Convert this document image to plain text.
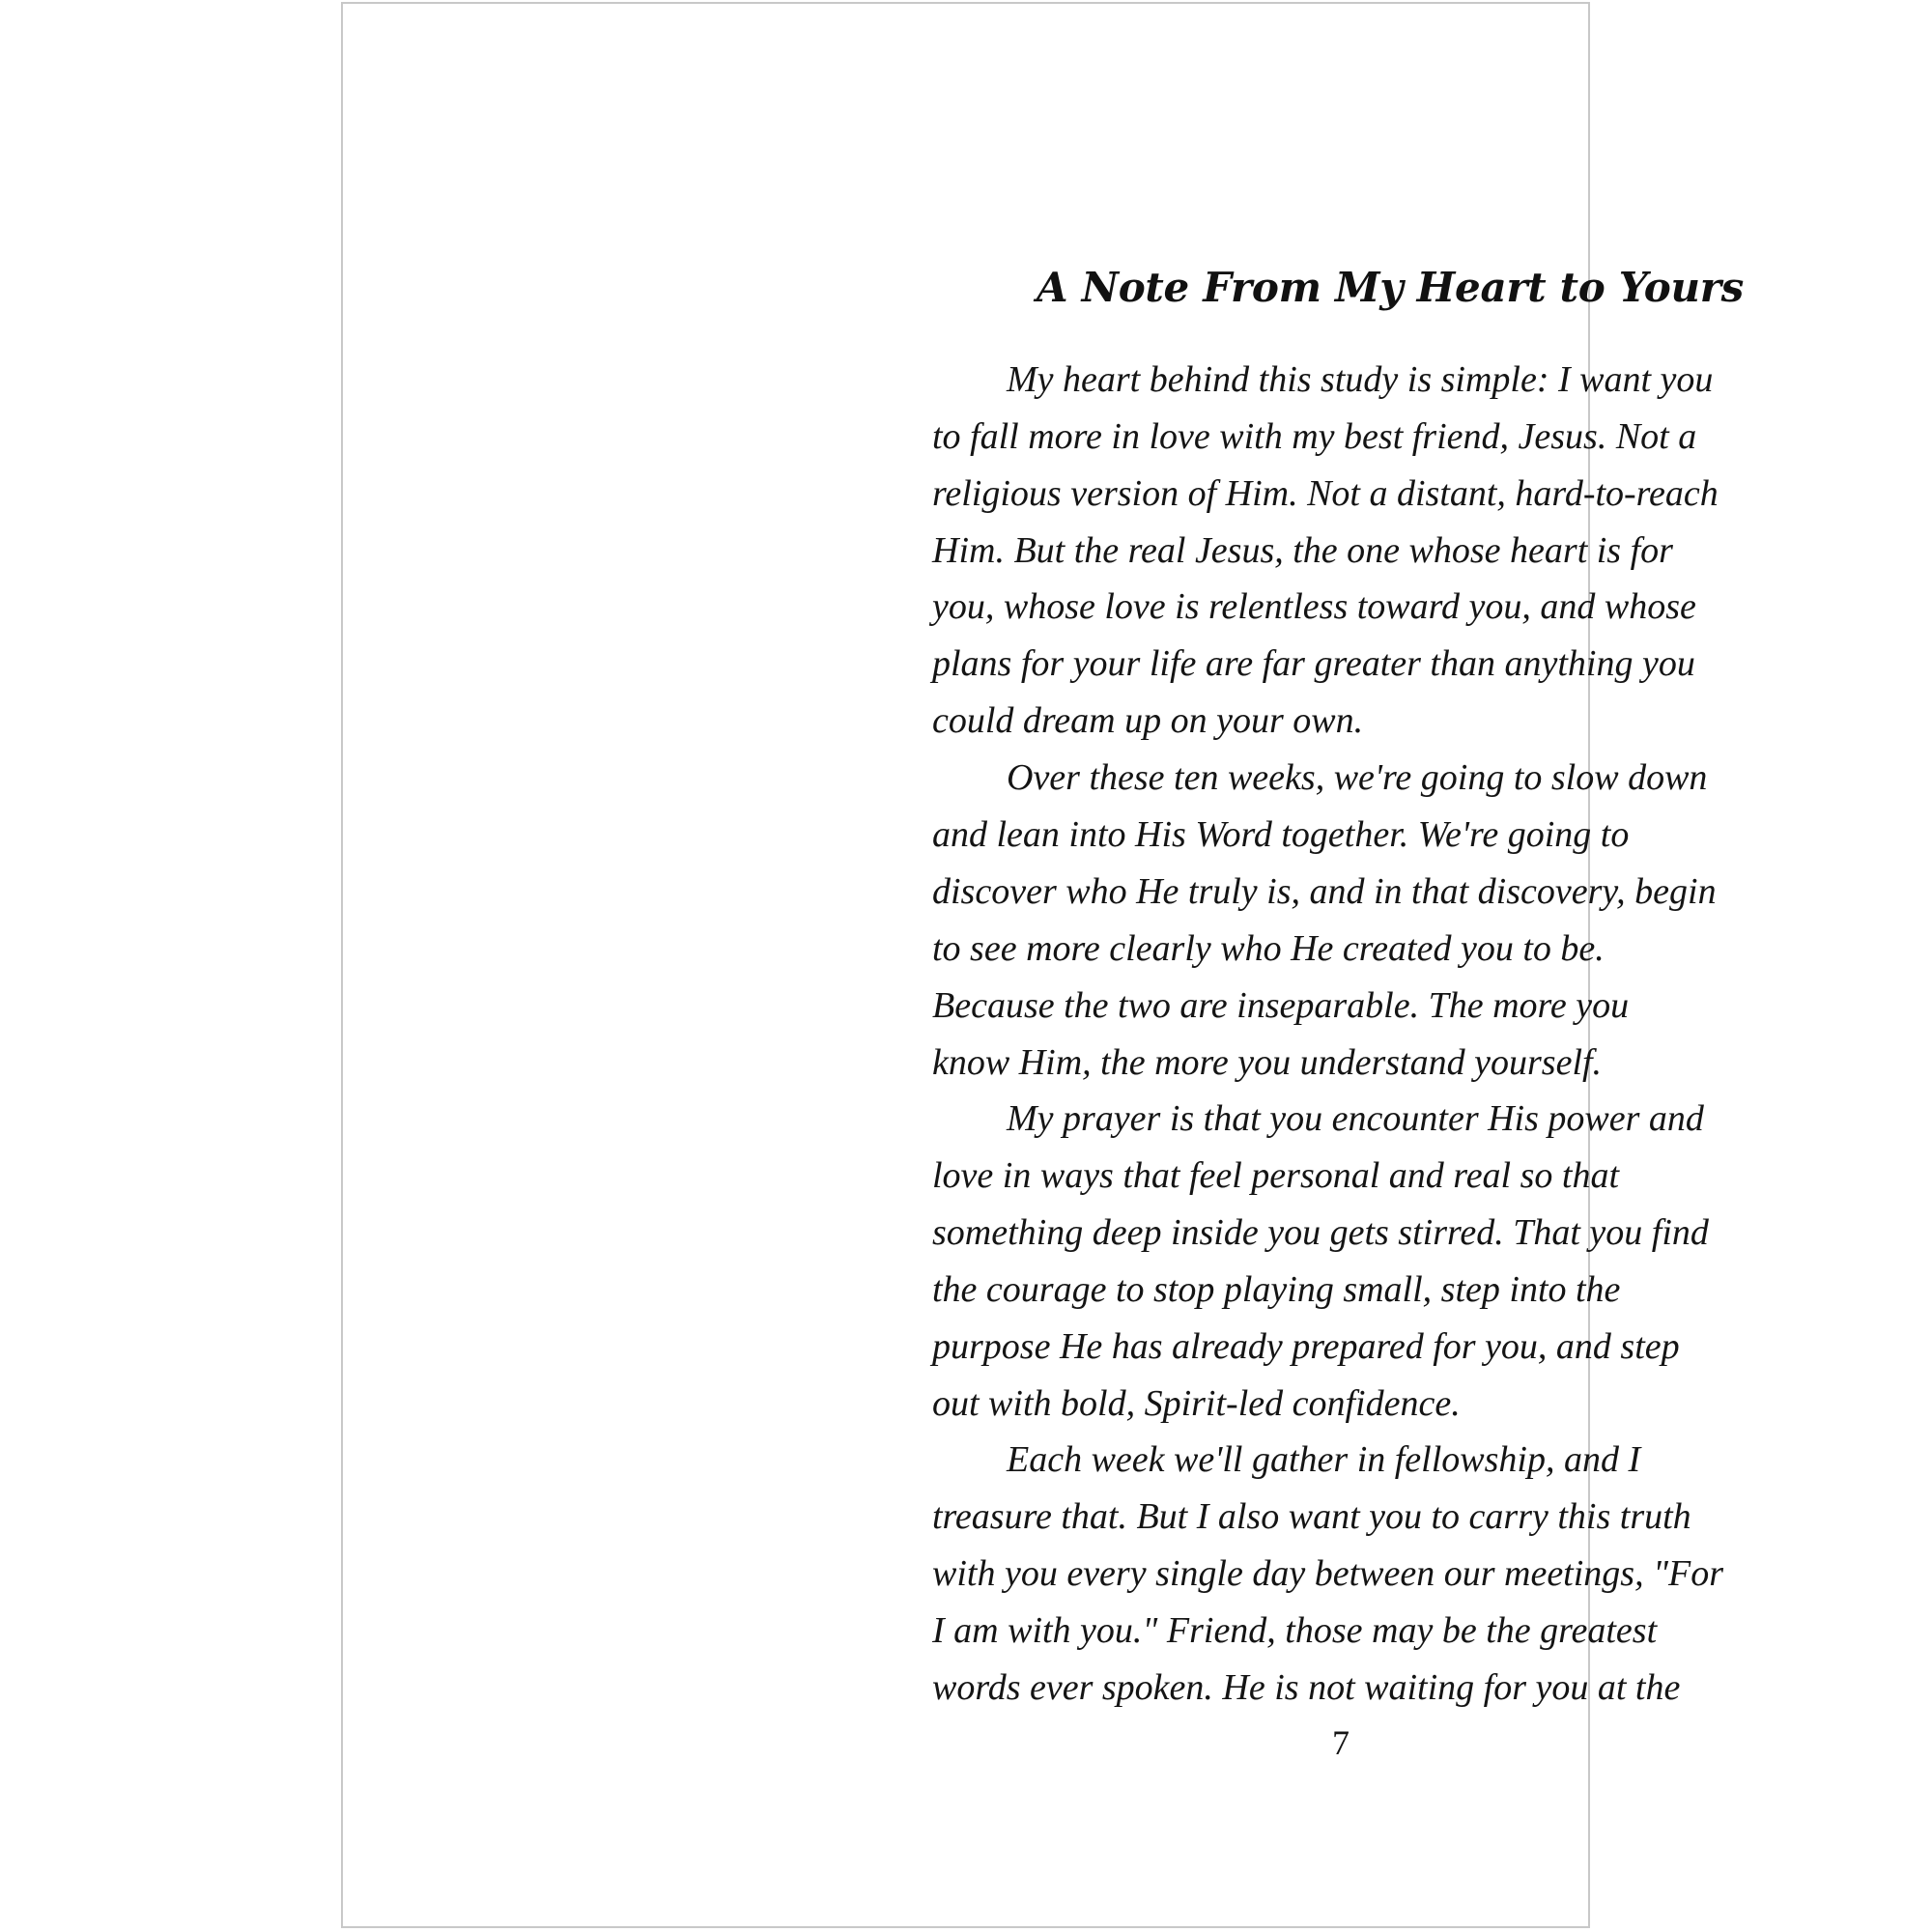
A Note From My Heart to Yours

My heart behind this study is simple: I want you

to fall more in love with my best friend, Jesus. Not a

religious version of Him. Not a distant, hard-to-reach

Him. But the real Jesus, the one whose heart is for

you, whose love is relentless toward you, and whose

plans for your life are far greater than anything you

could dream up on your own.

Over these ten weeks, we're going to slow down

and lean into His Word together. We're going to

discover who He truly is, and in that discovery, begin

to see more clearly who He created you to be.

Because the two are inseparable. The more you

know Him, the more you understand yourself.

My prayer is that you encounter His power and

love in ways that feel personal and real so that

something deep inside you gets stirred. That you find

the courage to stop playing small, step into the

purpose He has already prepared for you, and step

out with bold, Spirit-led confidence.

Each week we'll gather in fellowship, and I

treasure that. But I also want you to carry this truth

with you every single day between our meetings, "For

I am with you." Friend, those may be the greatest

words ever spoken. He is not waiting for you at the

7
